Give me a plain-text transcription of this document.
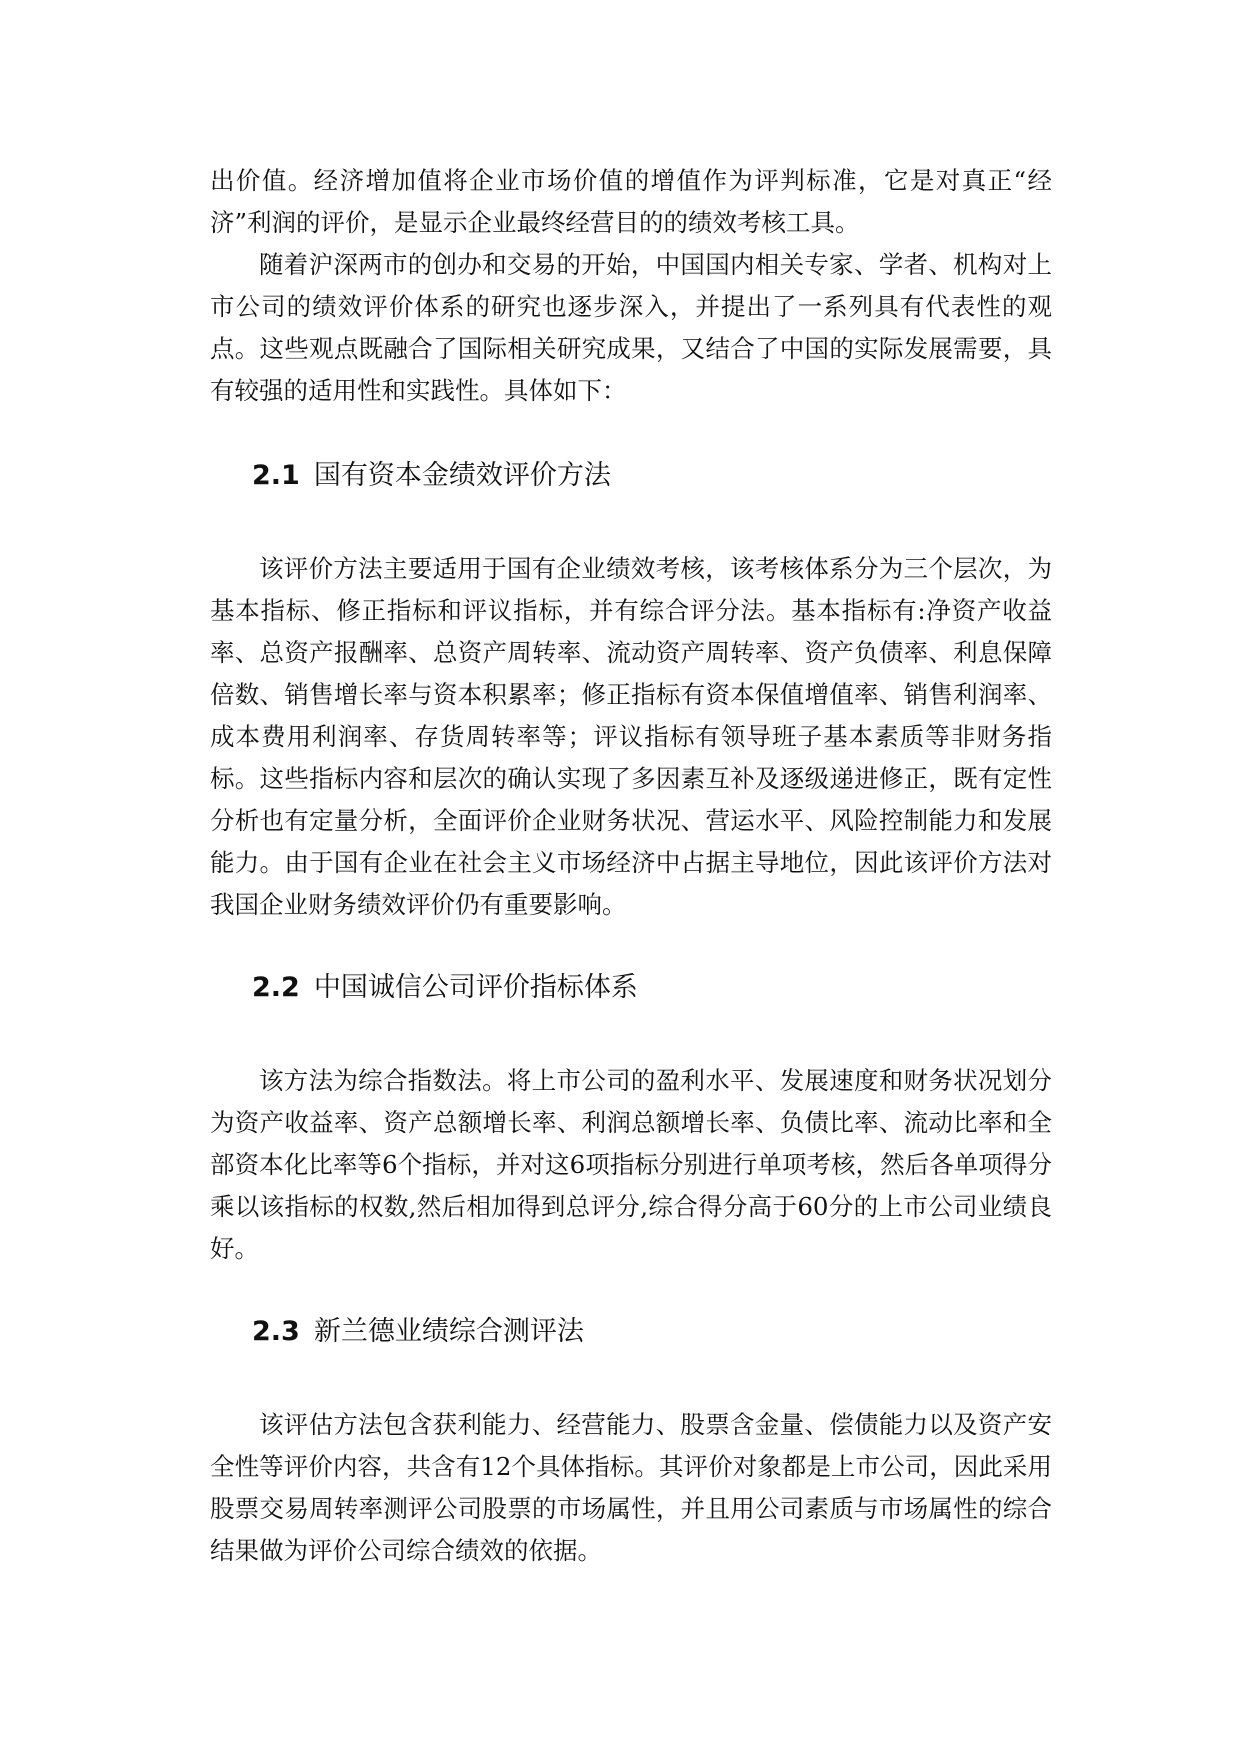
出价值。经济增加值将企业市场价值的增值作为评判标准，它是对真正“经济”利润的评价，是显示企业最终经营目的的绩效考核工具。

随着沪深两市的创办和交易的开始，中国国内相关专家、学者、机构对上市公司的绩效评价体系的研究也逐步深入，并提出了一系列具有代表性的观点。这些观点既融合了国际相关研究成果，又结合了中国的实际发展需要，具有较强的适用性和实践性。具体如下：

2.1 国有资本金绩效评价方法

该评价方法主要适用于国有企业绩效考核，该考核体系分为三个层次，为基本指标、修正指标和评议指标，并有综合评分法。基本指标有:净资产收益率、总资产报酬率、总资产周转率、流动资产周转率、资产负债率、利息保障倍数、销售增长率与资本积累率；修正指标有资本保值增值率、销售利润率、成本费用利润率、存货周转率等；评议指标有领导班子基本素质等非财务指标。这些指标内容和层次的确认实现了多因素互补及逐级递进修正，既有定性分析也有定量分析，全面评价企业财务状况、营运水平、风险控制能力和发展能力。由于国有企业在社会主义市场经济中占据主导地位，因此该评价方法对我国企业财务绩效评价仍有重要影响。

2.2 中国诚信公司评价指标体系

该方法为综合指数法。将上市公司的盈利水平、发展速度和财务状况划分为资产收益率、资产总额增长率、利润总额增长率、负债比率、流动比率和全部资本化比率等6个指标，并对这6项指标分别进行单项考核，然后各单项得分乘以该指标的权数,然后相加得到总评分,综合得分高于60分的上市公司业绩良好。

2.3 新兰德业绩综合测评法

该评估方法包含获利能力、经营能力、股票含金量、偿债能力以及资产安全性等评价内容，共含有12个具体指标。其评价对象都是上市公司，因此采用股票交易周转率测评公司股票的市场属性，并且用公司素质与市场属性的综合结果做为评价公司综合绩效的依据。
